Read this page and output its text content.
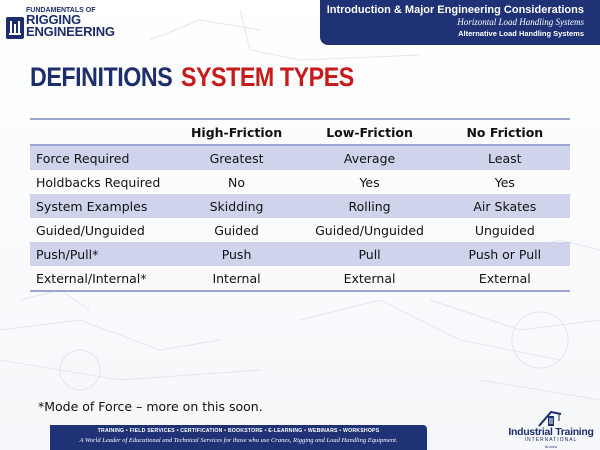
FUNDAMENTALS OF
RIGGING
ENGINEERING
Introduction & Major Engineering Considerations
Horizontal Load Handling Systems
Alternative Load Handling Systems
DEFINITIONS SYSTEM TYPES
	High-Friction	Low-Friction	No Friction
Force Required	Greatest	Average	Least
Holdbacks Required	No	Yes	Yes
System Examples	Skidding	Rolling	Air Skates
Guided/Unguided	Guided	Guided/Unguided	Unguided
Push/Pull*	Push	Pull	Push or Pull
External/Internal*	Internal	External	External
*Mode of Force – more on this soon.
TRAINING • FIELD SERVICES • CERTIFICATION • BOOKSTORE • E-LEARNING • WEBINARS • WORKSHOPS
A World Leader of Educational and Technical Services for those who use Cranes, Rigging and Load Handling Equipment.
Industrial Training
INTERNATIONAL
iti.com
